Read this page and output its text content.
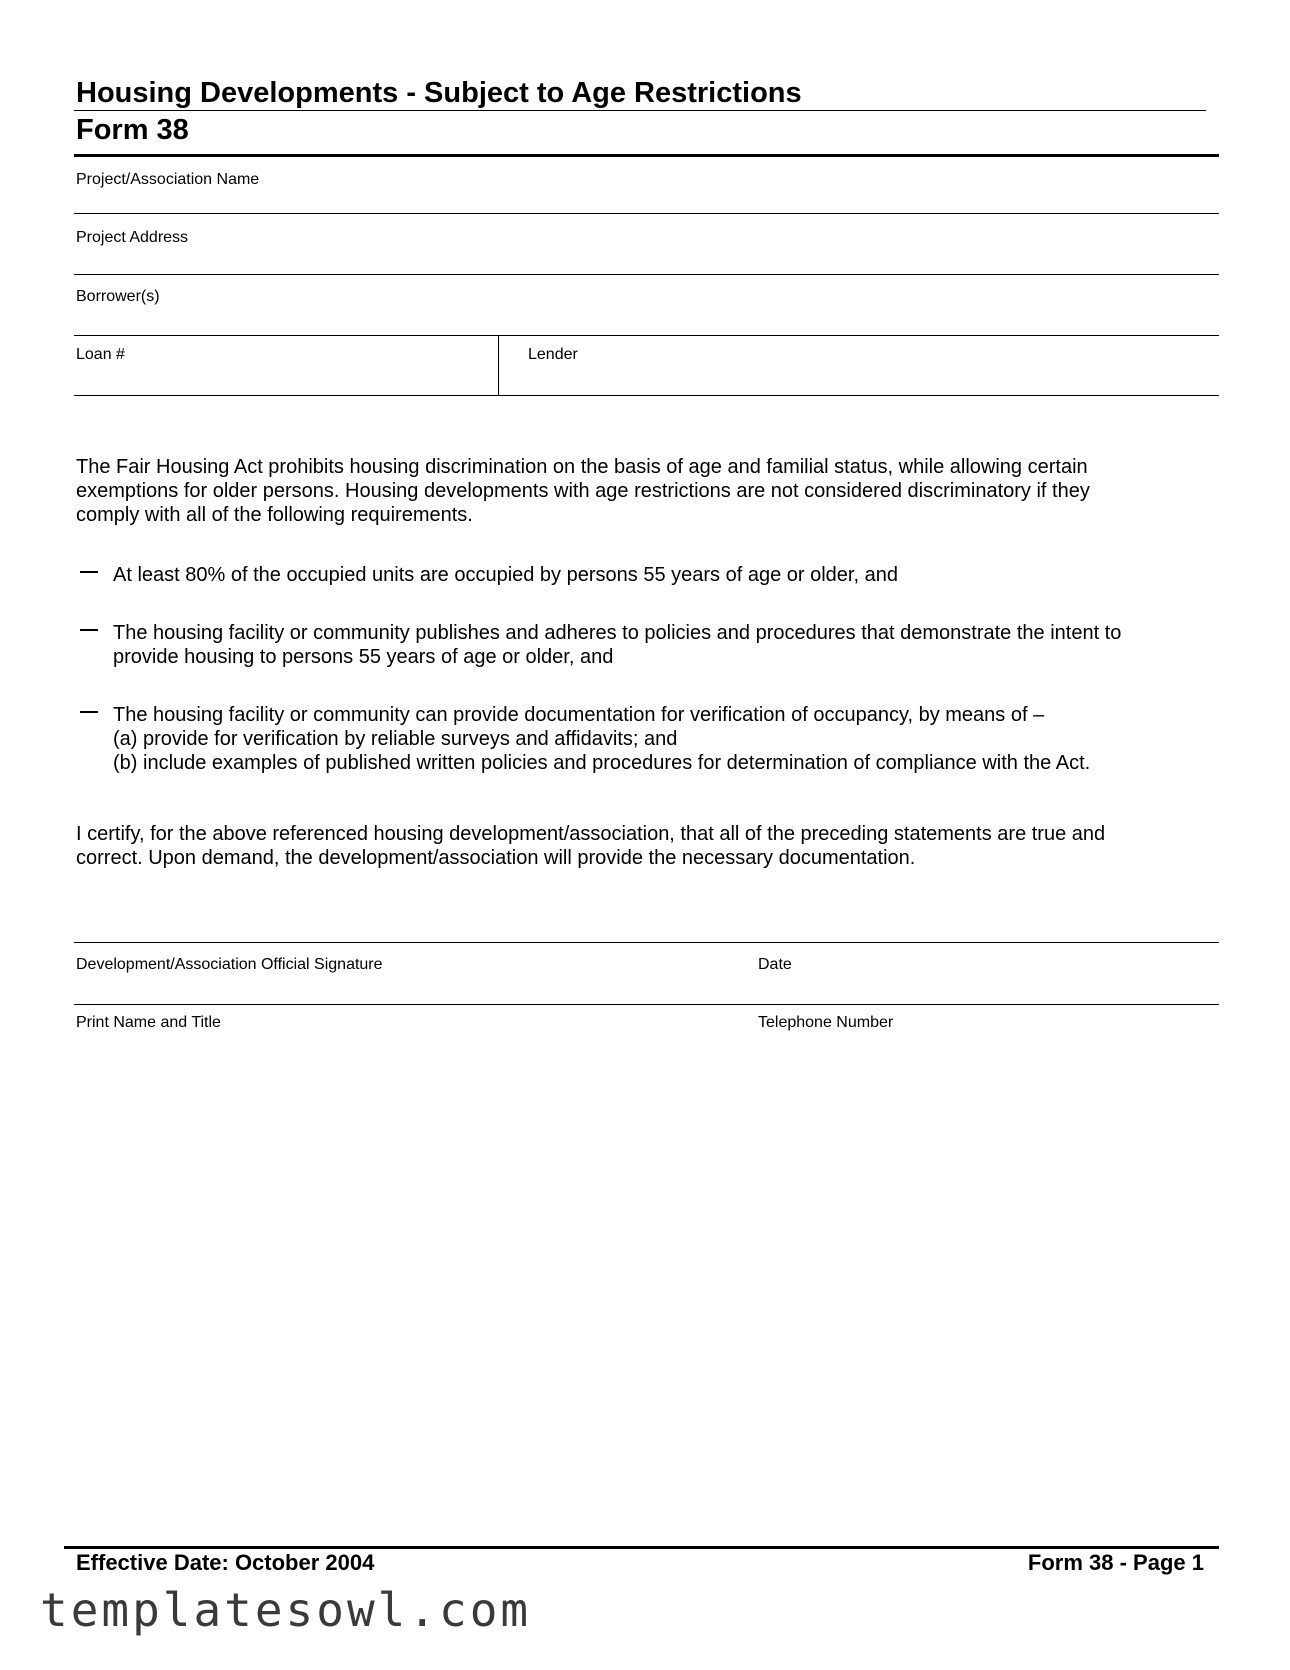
Housing Developments - Subject to Age Restrictions
Form 38
Project/Association Name
Project Address
Borrower(s)
Loan #	Lender
The Fair Housing Act prohibits housing discrimination on the basis of age and familial status, while allowing certain
exemptions for older persons. Housing developments with age restrictions are not considered discriminatory if they
comply with all of the following requirements.
At least 80% of the occupied units are occupied by persons 55 years of age or older, and
The housing facility or community publishes and adheres to policies and procedures that demonstrate the intent to
provide housing to persons 55 years of age or older, and
The housing facility or community can provide documentation for verification of occupancy, by means of –
(a) provide for verification by reliable surveys and affidavits; and
(b) include examples of published written policies and procedures for determination of compliance with the Act.
I certify, for the above referenced housing development/association, that all of the preceding statements are true and
correct. Upon demand, the development/association will provide the necessary documentation.
Development/Association Official Signature	Date
Print Name and Title	Telephone Number
Effective Date: October 2004	Form 38 - Page 1
templatesowl.com
